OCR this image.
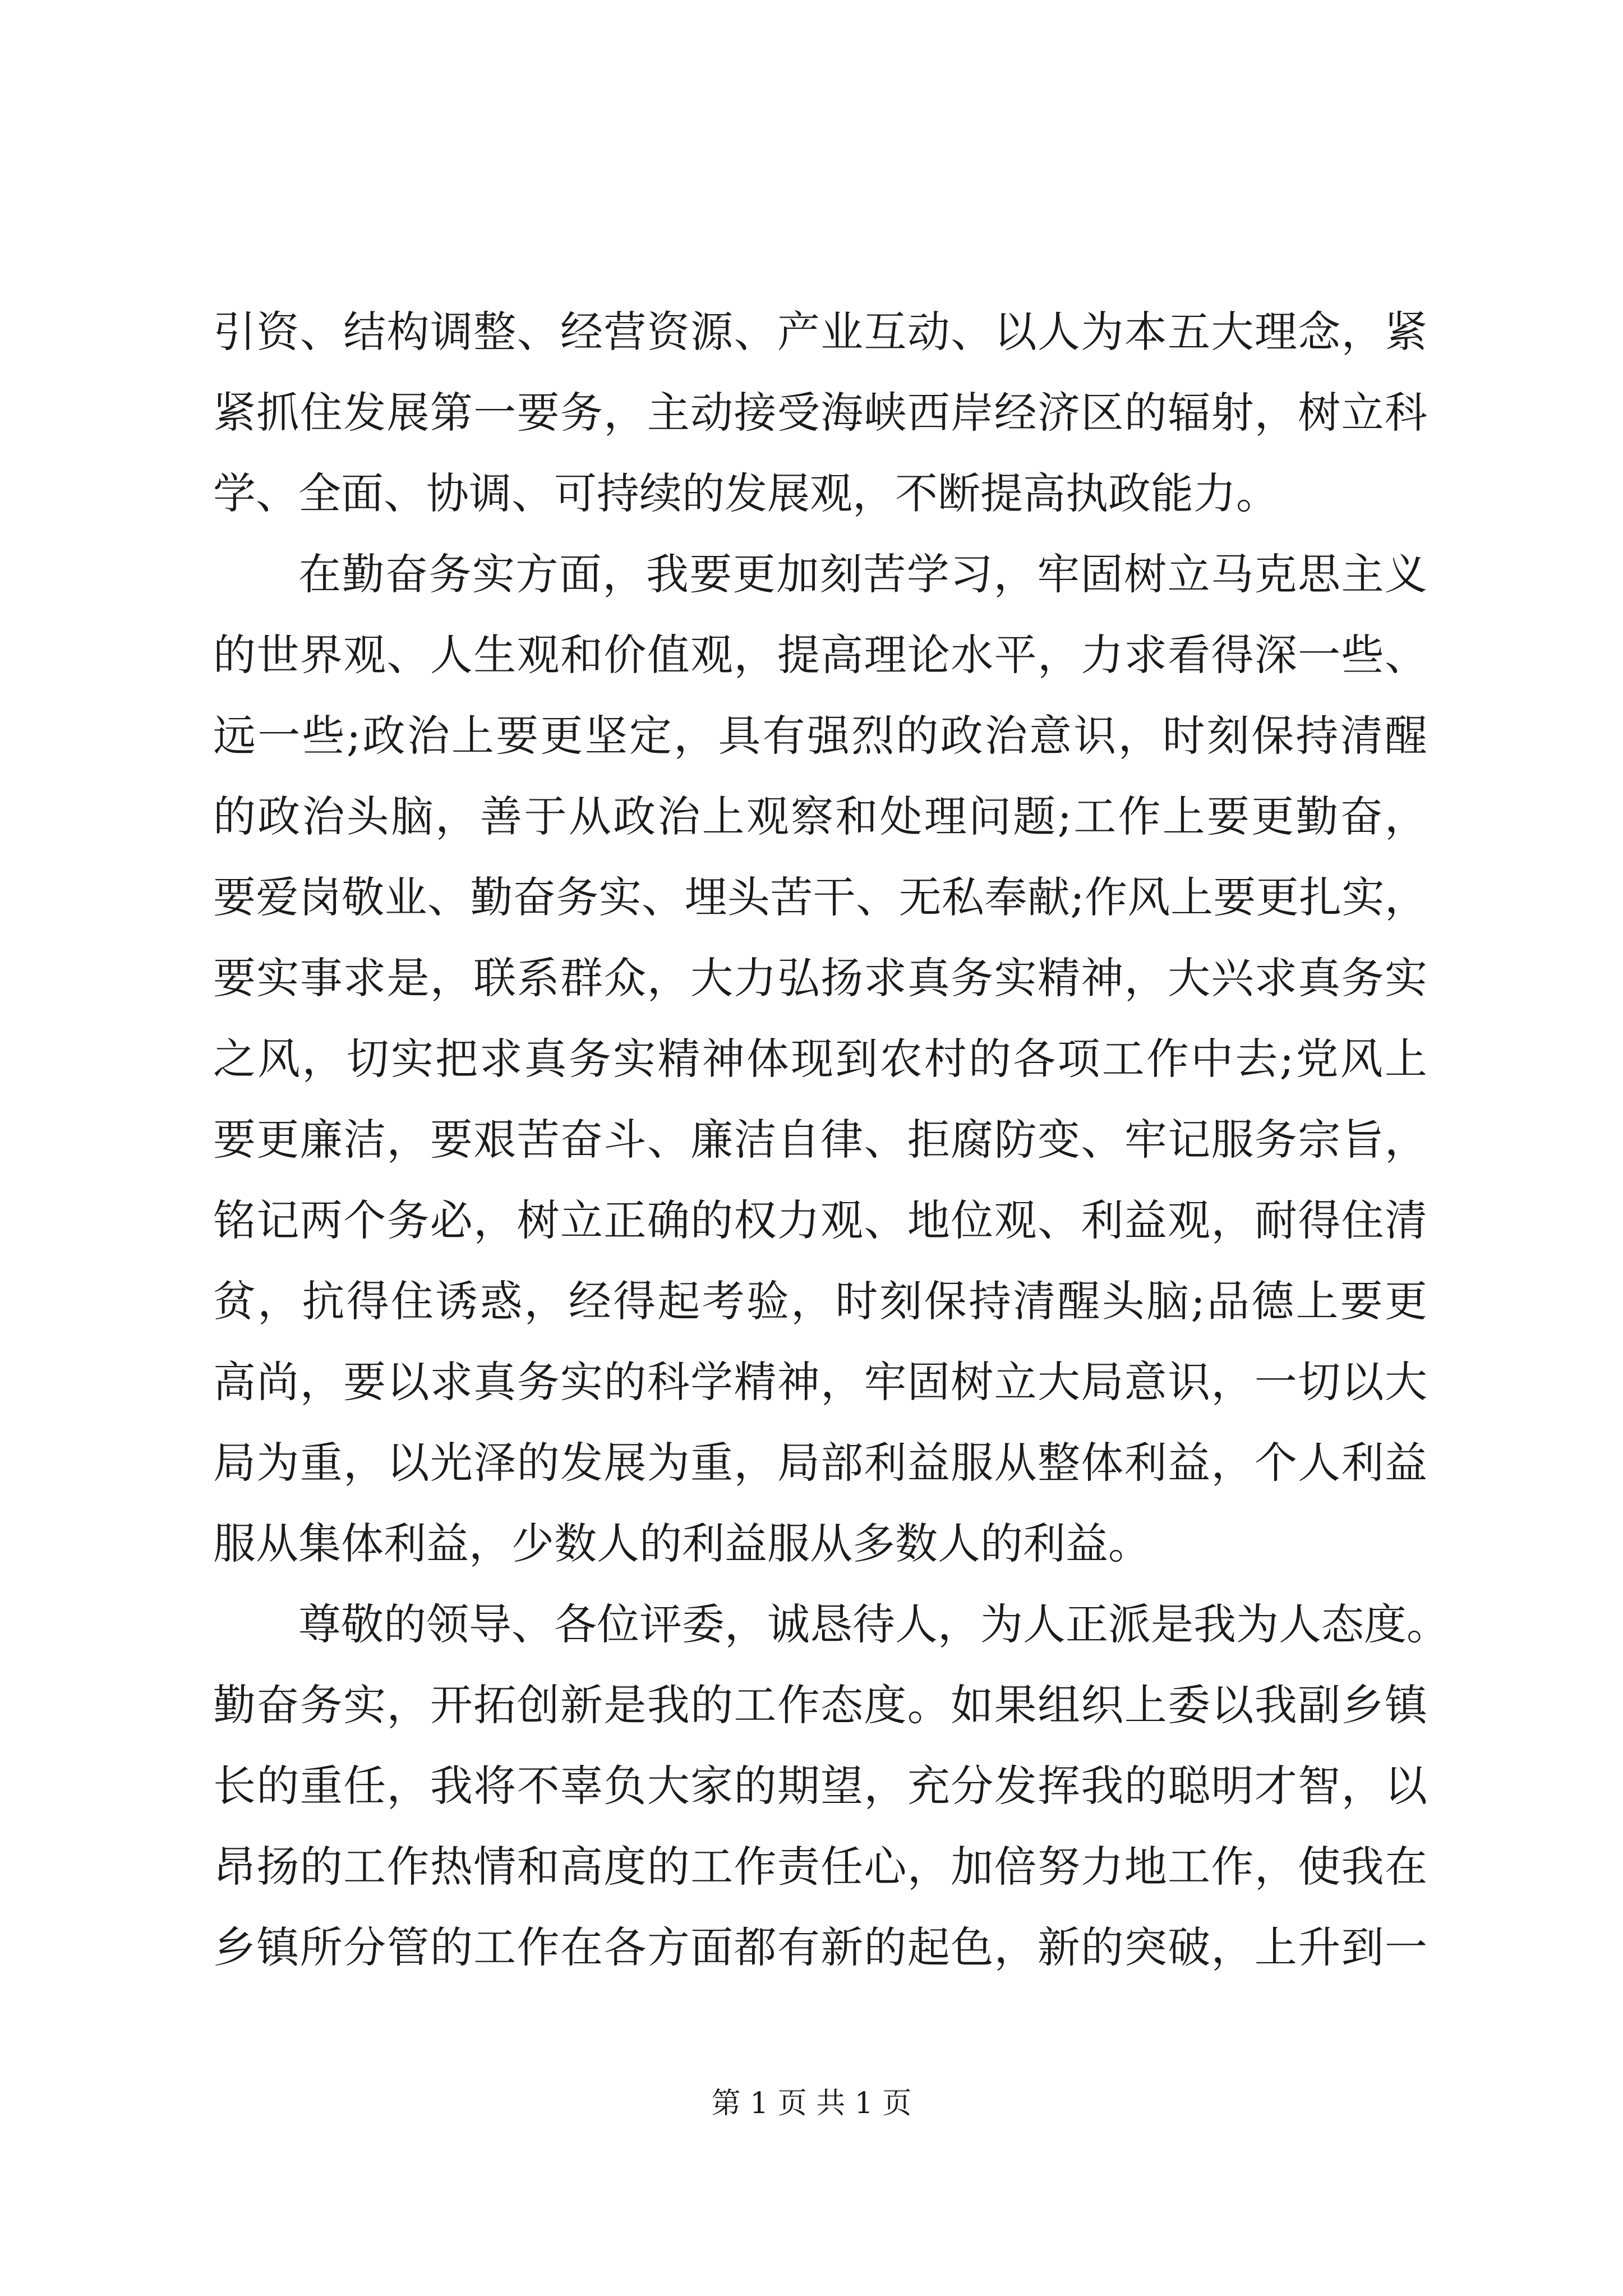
引资、结构调整、经营资源、产业互动、以人为本五大理念，紧
紧抓住发展第一要务，主动接受海峡西岸经济区的辐射，树立科
学、全面、协调、可持续的发展观，不断提高执政能力。
在勤奋务实方面，我要更加刻苦学习，牢固树立马克思主义
的世界观、人生观和价值观，提高理论水平，力求看得深一些、
远一些;政治上要更坚定，具有强烈的政治意识，时刻保持清醒
的政治头脑，善于从政治上观察和处理问题;工作上要更勤奋，
要爱岗敬业、勤奋务实、埋头苦干、无私奉献;作风上要更扎实，
要实事求是，联系群众，大力弘扬求真务实精神，大兴求真务实
之风，切实把求真务实精神体现到农村的各项工作中去;党风上
要更廉洁，要艰苦奋斗、廉洁自律、拒腐防变、牢记服务宗旨，
铭记两个务必，树立正确的权力观、地位观、利益观，耐得住清
贫，抗得住诱惑，经得起考验，时刻保持清醒头脑;品德上要更
高尚，要以求真务实的科学精神，牢固树立大局意识，一切以大
局为重，以光泽的发展为重，局部利益服从整体利益，个人利益
服从集体利益，少数人的利益服从多数人的利益。
尊敬的领导、各位评委，诚恳待人，为人正派是我为人态度。
勤奋务实，开拓创新是我的工作态度。如果组织上委以我副乡镇
长的重任，我将不辜负大家的期望，充分发挥我的聪明才智，以
昂扬的工作热情和高度的工作责任心，加倍努力地工作，使我在
乡镇所分管的工作在各方面都有新的起色，新的突破，上升到一
第 1 页 共 1 页
